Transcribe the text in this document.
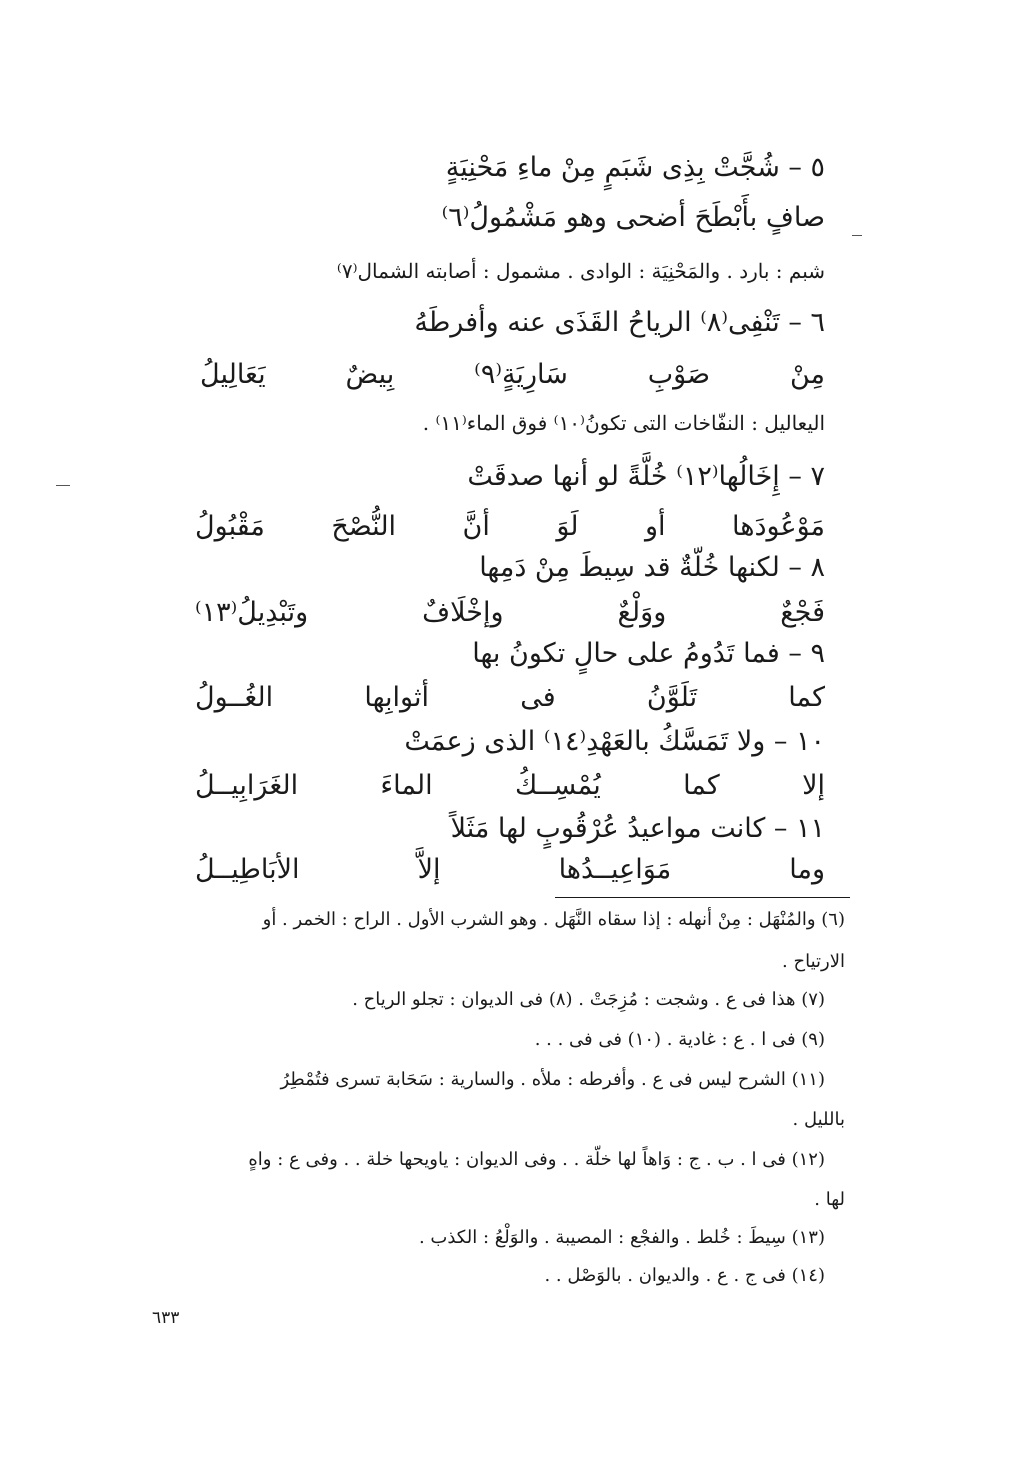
٥ – شُجَّتْ بِذِى شَبَمٍ مِنْ ماءِ مَحْنِيَةٍ
صافٍ بأَبْطَحَ أضحى وهو مَشْمُولُ⁽٦⁾
شبم : بارد . والمَحْنِيَة : الوادى . مشمول : أصابته الشمال⁽٧⁾
٦ – تَنْفِى⁽٨⁾ الرياحُ القَذَى عنه وأفرطَهُ
مِنْ صَوْبِ سَارِيَةٍ⁽٩⁾ بِيضٌ يَعَالِيلُ
اليعاليل : النفّاخات التى تكونُ⁽١٠⁾ فوق الماء⁽١١⁾ .
٧ – إِخَالُها⁽١٢⁾ خُلَّةً لو أنها صدقَتْ
مَوْعُودَها أو لَوَ أنَّ النُّصْحَ مَقْبُولُ
٨ – لكنها خُلّةٌ قد سِيطَ مِنْ دَمِها
فَجْعٌ ووَلْعٌ وإخْلَافٌ وتَبْدِيلُ⁽١٣⁾
٩ – فما تَدُومُ على حالٍ تكونُ بها
كما تَلَوَّنُ فى أثوابِها الغُــولُ
١٠ – ولا تَمَسَّكُ بالعَهْدِ⁽١٤⁾ الذى زعمَتْ
إلا كما يُمْسِــكُ الماءَ الغَرَابِيــلُ
١١ – كانت مواعيدُ عُرْقُوبٍ لها مَثَلاً
وما مَوَاعِيــدُها إلاَّ الأبَاطِيــلُ
(٦) والمُنْهَل : مِنْ أنهله : إذا سقاه النَّهَل . وهو الشرب الأول . الراح : الخمر . أو
الارتياح .
(٧) هذا فى ع . وشجت : مُزِجَتْ . (٨) فى الديوان : تجلو الرياح .
(٩) فى ا . ع : غادية . (١٠) فى فى . . .
(١١) الشرح ليس فى ع . وأفرطه : ملأه . والسارية : سَحَابة تسرى فتُمْطِرُ
بالليل .
(١٢) فى ا . ب . ج : وَاهاً لها خلّة . . وفى الديوان : ياويحها خلة . . وفى ع : واهٍ
لها .
(١٣) سِيطَ : خُلط . والفجْع : المصيبة . والوَلْعُ : الكذب .
(١٤) فى ج . ع . والديوان . بالوَصْل . .
٦٣٣
